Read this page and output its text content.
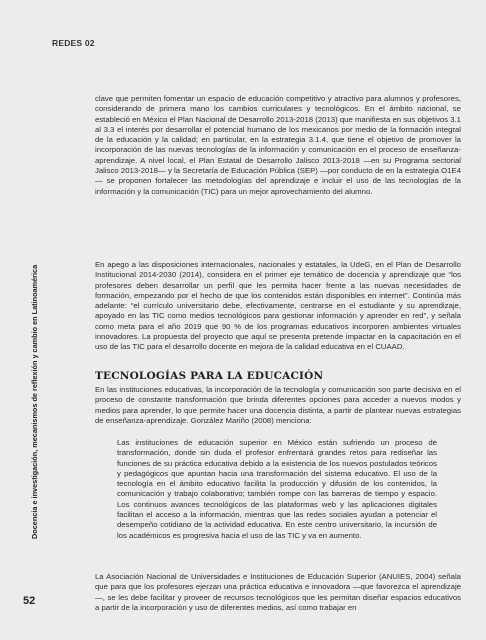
REDES 02
Docencia e investigación, mecanismos de reflexión y cambio en Latinoamérica

clave que permiten fomentar un espacio de educación competitivo y atractivo para alumnos y profesores, considerando de primera mano los cambios curriculares y tecnológicos. En el ámbito nacional, se estableció en México el Plan Nacional de Desarrollo 2013-2018 (2013) que manifiesta en sus objetivos 3.1 al 3.3 el interés por desarrollar el potencial humano de los mexicanos por medio de la formación integral de la educación y la calidad; en particular, en la estrategia 3.1.4, que tiene el objetivo de promover la incorporación de las nuevas tecnologías de la información y comunicación en el proceso de enseñanza-aprendizaje. A nivel local, el Plan Estatal de Desarrollo Jalisco 2013-2018 —en su Programa sectorial Jalisco 2013-2018— y la Secretaría de Educación Pública (SEP) —por conducto de en la estrategia O1E4— se proponen fortalecer las metodologías del aprendizaje e incluir el uso de las tecnologías de la información y la comunicación (TIC) para un mejor aprovechamiento del alumno.

En apego a las disposiciones internacionales, nacionales y estatales, la UdeG, en el Plan de Desarrollo Institucional 2014-2030 (2014), considera en el primer eje temático de docencia y aprendizaje que “los profesores deben desarrollar un perfil que les permita hacer frente a las nuevas necesidades de formación, empezando por el hecho de que los contenidos están disponibles en internet”. Continúa más adelante: “el currículo universitario debe, efectivamente, centrarse en el estudiante y su aprendizaje, apoyado en las TIC como medios tecnológicos para gestionar información y aprender en red”, y señala como meta para el año 2019 que 90 % de los programas educativos incorporen ambientes virtuales innovadores. La propuesta del proyecto que aquí se presenta pretende impactar en la capacitación en el uso de las TIC para el desarrollo docente en mejora de la calidad educativa en el CUAAD.

TECNOLOGÍAS PARA LA EDUCACIÓN

En las instituciones educativas, la incorporación de la tecnología y comunicación son parte decisiva en el proceso de constante transformación que brinda diferentes opciones para acceder a nuevos modos y medios para aprender, lo que permite hacer una docencia distinta, a partir de plantear nuevas estrategias de enseñanza-aprendizaje. González Mariño (2008) menciona:

Las instituciones de educación superior en México están sufriendo un proceso de transformación, donde sin duda el profesor enfrentará grandes retos para rediseñar las funciones de su práctica educativa debido a la existencia de los nuevos postulados teóricos y pedagógicos que apuntan hacia una transformación del sistema educativo. El uso de la tecnología en el ámbito educativo facilita la producción y difusión de los contenidos, la comunicación y trabajo colaborativo; también rompe con las barreras de tiempo y espacio. Los continuos avances tecnológicos de las plataformas web y las aplicaciones digitales facilitan el acceso a la información, mientras que las redes sociales ayudan a potenciar el desempeño cotidiano de la actividad educativa. En este centro universitario, la incursión de los académicos es progresiva hacia el uso de las TIC y va en aumento.

La Asociación Nacional de Universidades e Instituciones de Educación Superior (ANUIES, 2004) señala que para que los profesores ejerzan una práctica educativa e innovadora —que favorezca el aprendizaje—, se les debe facilitar y proveer de recursos tecnológicos que les permitan diseñar espacios educativos a partir de la incorporación y uso de diferentes medios, así como trabajar en

52
